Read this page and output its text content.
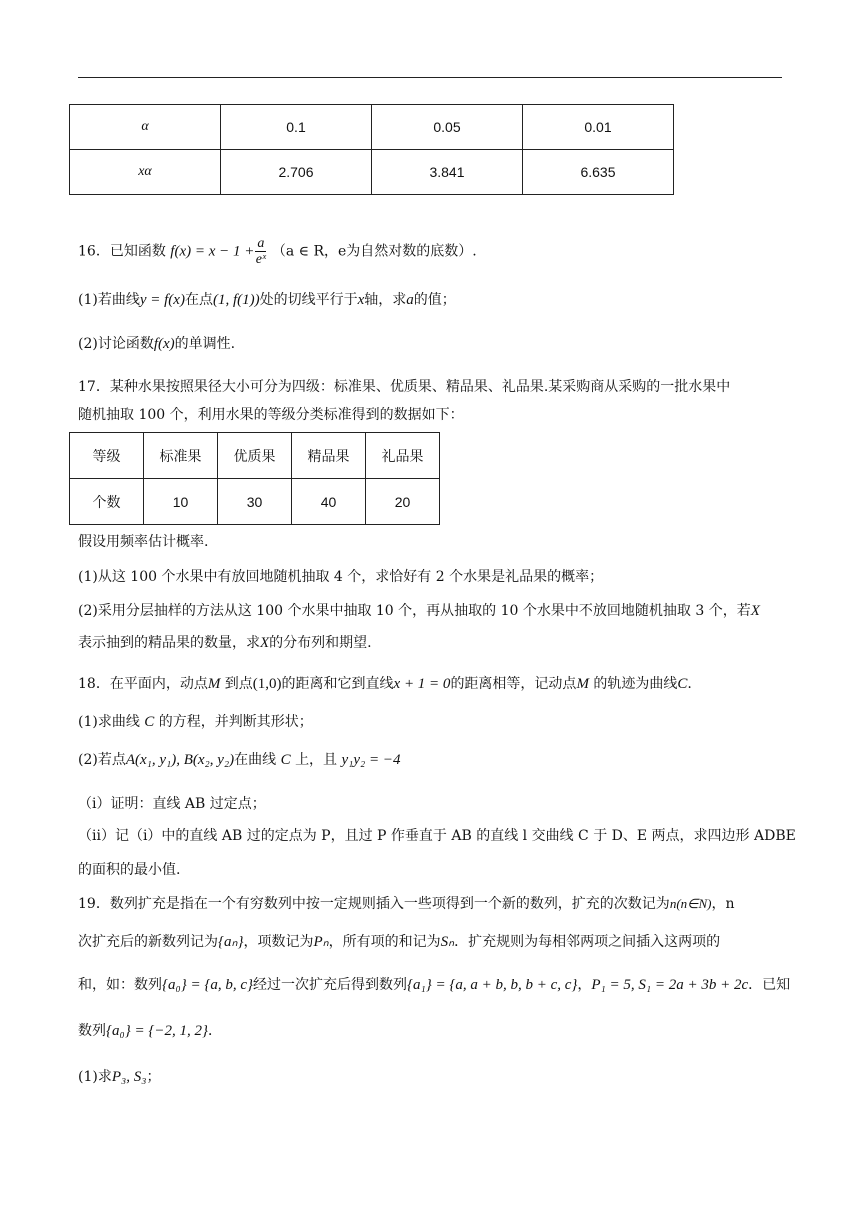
α	0.1	0.05	0.01
xα	2.706	3.841	6.635
16．已知函数 $f(x) = x - 1 + \frac{a}{\text{eˣ}} (a$ ∈ R，e为自然对数的底数）.
(1)若曲线y = f(x)在点(1, f(1))处的切线平行于x轴，求a的值；
(2)讨论函数f(x)的单调性.
17．某种水果按照果径大小可分为四级：标准果、优质果、精品果、礼品果.某采购商从采购的一批水果中
随机抽取 100 个，利用水果的等级分类标准得到的数据如下：
等级	标准果	优质果	精品果	礼品果
个数	10	30	40	20
假设用频率估计概率.
(1)从这 100 个水果中有放回地随机抽取 4 个，求恰好有 2 个水果是礼品果的概率；
(2)采用分层抽样的方法从这 100 个水果中抽取 10 个，再从抽取的 10 个水果中不放回地随机抽取 3 个，若X
表示抽到的精品果的数量，求X的分布列和期望.
18．在平面内，动点M 到点(1,0)的距离和它到直线x + 1 = 0的距离相等，记动点M 的轨迹为曲线C.
(1)求曲线 C 的方程，并判断其形状；
(2)若点A(x₁, y₁), B(x₂, y₂)在曲线 C 上，且 y₁y₂ = −4
（i）证明：直线 AB 过定点；
（ii）记（i）中的直线 AB 过的定点为 P，且过 P 作垂直于 AB 的直线 l 交曲线 C 于 D、E 两点，求四边形 ADBE
的面积的最小值.
19．数列扩充是指在一个有穷数列中按一定规则插入一些项得到一个新的数列，扩充的次数记为n(n∈N)，n
次扩充后的新数列记为{aₙ}，项数记为Pₙ，所有项的和记为Sₙ．扩充规则为每相邻两项之间插入这两项的
和，如：数列{a₀} = {a, b, c}经过一次扩充后得到数列{a₁} = {a, a + b, b, b + c, c}，P₁ = 5, S₁ = 2a + 3b + 2c．已知
数列{a₀} = {−2, 1, 2}．
(1)求P₃, S₃；
